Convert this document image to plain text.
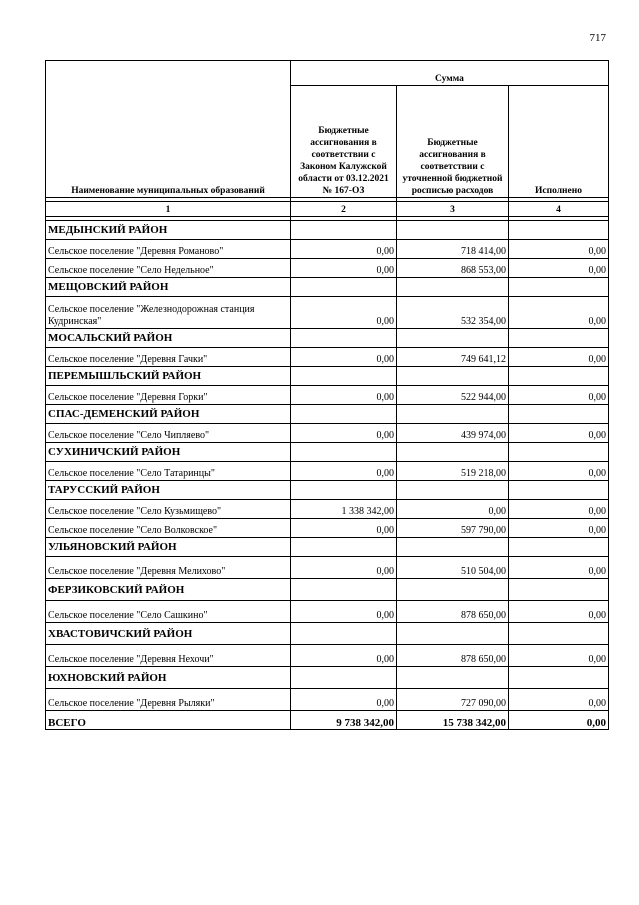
717
Наименование муниципальных образований	Сумма		
	Бюджетные ассигнования в соответствии с Законом Калужской области от 03.12.2021 № 167-ОЗ	Бюджетные ассигнования в соответствии с уточненной бюджетной росписью расходов	Исполнено

1	2	3	4

МЕДЫНСКИЙ РАЙОН			
Сельское поселение "Деревня Романово"	0,00	718 414,00	0,00
Сельское поселение "Село Недельное"	0,00	868 553,00	0,00
МЕЩОВСКИЙ РАЙОН			
Сельское поселение "Железнодорожная станция Кудринская"	0,00	532 354,00	0,00
МОСАЛЬСКИЙ РАЙОН			
Сельское поселение "Деревня Гачки"	0,00	749 641,12	0,00
ПЕРЕМЫШЛЬСКИЙ РАЙОН			
Сельское поселение "Деревня Горки"	0,00	522 944,00	0,00
СПАС-ДЕМЕНСКИЙ РАЙОН			
Сельское поселение "Село Чипляево"	0,00	439 974,00	0,00
СУХИНИЧСКИЙ РАЙОН			
Сельское поселение "Село Татаринцы"	0,00	519 218,00	0,00
ТАРУССКИЙ РАЙОН			
Сельское поселение "Село Кузьмищево"	1 338 342,00	0,00	0,00
Сельское поселение "Село Волковское"	0,00	597 790,00	0,00
УЛЬЯНОВСКИЙ РАЙОН			
Сельское поселение "Деревня Мелихово"	0,00	510 504,00	0,00
ФЕРЗИКОВСКИЙ РАЙОН			
Сельское поселение "Село Сашкино"	0,00	878 650,00	0,00
ХВАСТОВИЧСКИЙ РАЙОН			
Сельское поселение "Деревня Нехочи"	0,00	878 650,00	0,00
ЮХНОВСКИЙ РАЙОН			
Сельское поселение "Деревня Рыляки"	0,00	727 090,00	0,00
ВСЕГО	9 738 342,00	15 738 342,00	0,00
